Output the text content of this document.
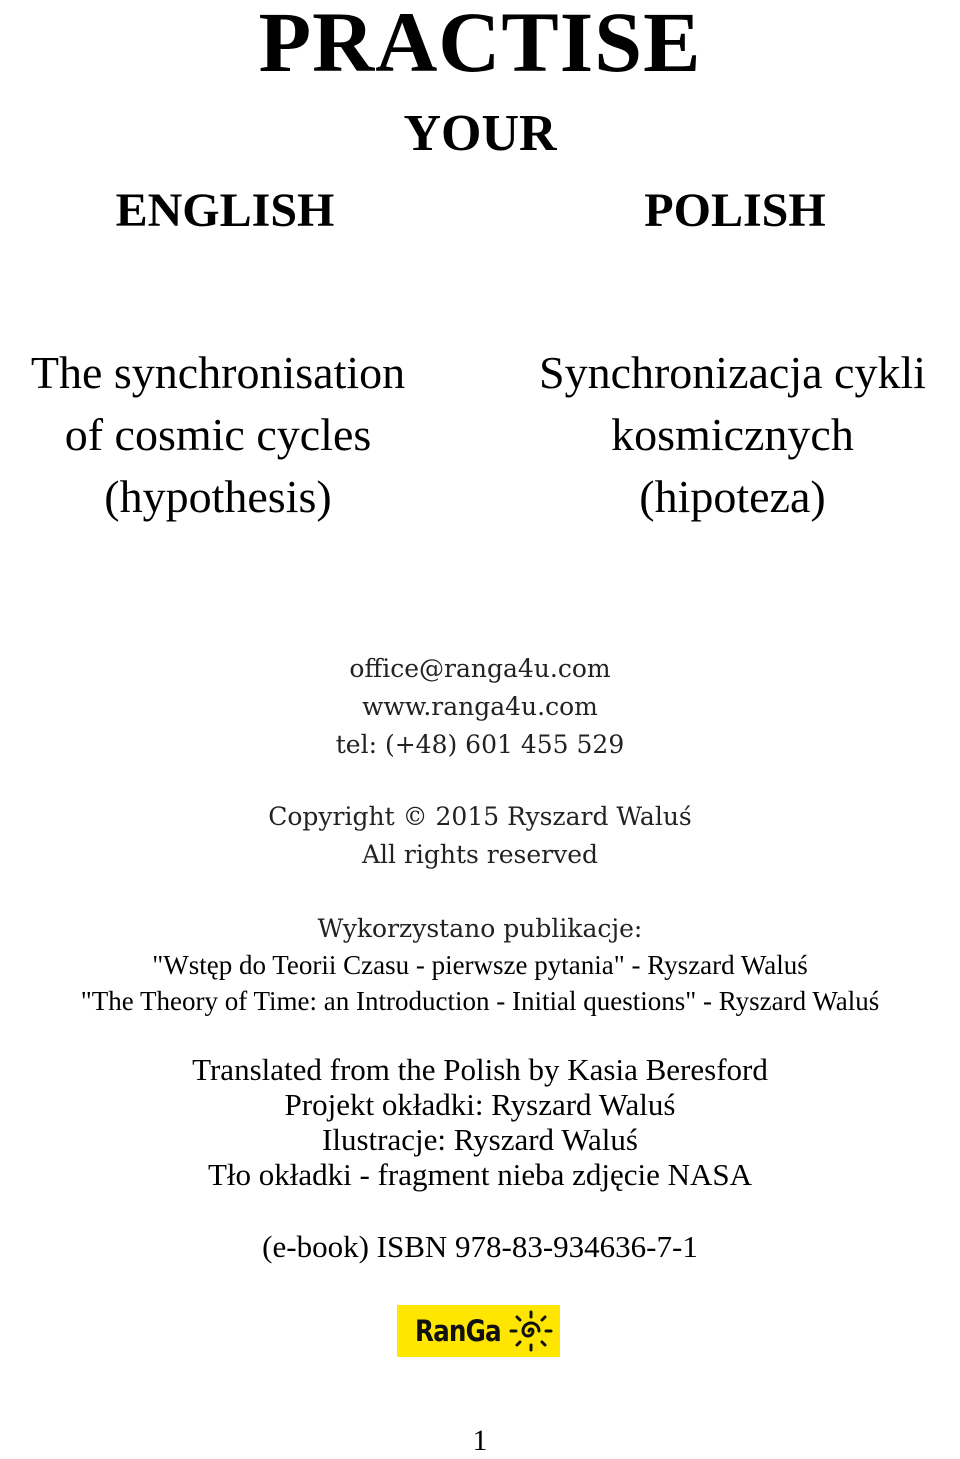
PRACTISE
YOUR
ENGLISH	POLISH
The synchronisation
of cosmic cycles
(hypothesis)
Synchronizacja cykli
kosmicznych
(hipoteza)
office@ranga4u.com
www.ranga4u.com
tel: (+48) 601 455 529
Copyright © 2015 Ryszard Waluś
All rights reserved
Wykorzystano publikacje:
"Wstęp do Teorii Czasu - pierwsze pytania" - Ryszard Waluś
"The Theory of Time: an Introduction - Initial questions" - Ryszard Waluś
Translated from the Polish by Kasia Beresford
Projekt okładki: Ryszard Waluś
Ilustracje: Ryszard Waluś
Tło okładki - fragment nieba zdjęcie NASA
(e-book) ISBN 978-83-934636-7-1
RanGa
1
